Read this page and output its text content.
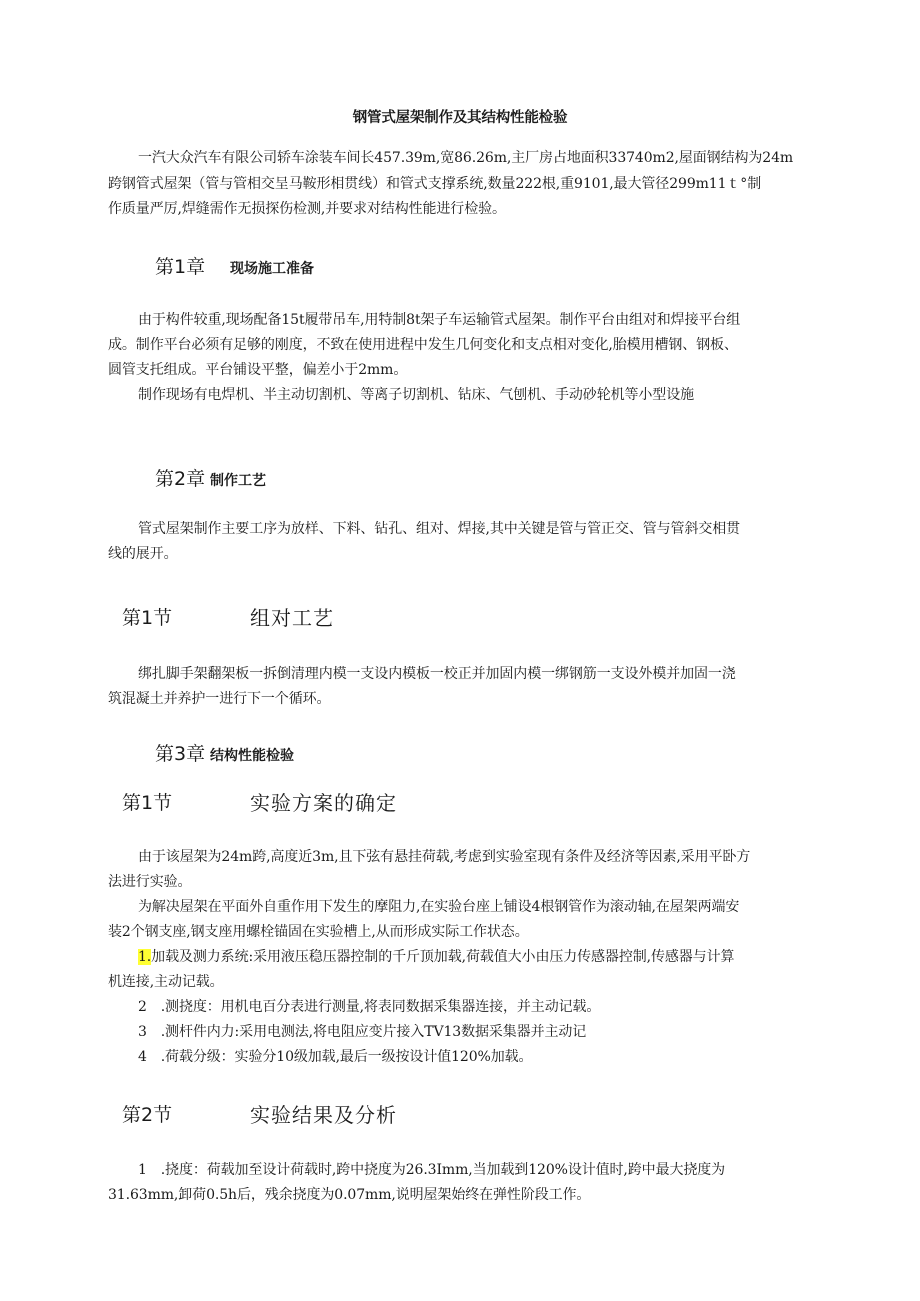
钢管式屋架制作及其结构性能检验
一汽大众汽车有限公司轿车涂装车间长457.39m,宽86.26m,主厂房占地面积33740m2,屋面钢结构为24m
跨钢管式屋架（管与管相交呈马鞍形相贯线）和管式支撑系统,数量222根,重9101,最大管径299m11ｔ°制
作质量严厉,焊缝需作无损探伤检测,并要求对结构性能进行检验。
第1章 现场施工准备
由于构件较重,现场配备15t履带吊车,用特制8t架子车运输管式屋架。制作平台由组对和焊接平台组
成。制作平台必须有足够的刚度，不致在使用进程中发生几何变化和支点相对变化,胎模用槽钢、钢板、
圆管支托组成。平台铺设平整，偏差小于2mm。
制作现场有电焊机、半主动切割机、等离子切割机、钻床、气刨机、手动砂轮机等小型设施
第2章 制作工艺
管式屋架制作主要工序为放样、下料、钻孔、组对、焊接,其中关键是管与管正交、管与管斜交相贯
线的展开。
第1节	组对工艺
绑扎脚手架翻架板一拆倒清理内模一支设内模板一校正并加固内模一绑钢筋一支设外模并加固一浇
筑混凝土并养护一进行下一个循环。
第3章 结构性能检验
第1节	实验方案的确定
由于该屋架为24m跨,高度近3m,且下弦有悬挂荷载,考虑到实验室现有条件及经济等因素,采用平卧方
法进行实验。
为解决屋架在平面外自重作用下发生的摩阻力,在实验台座上铺设4根钢管作为滚动轴,在屋架两端安
装2个钢支座,钢支座用螺栓锚固在实验槽上,从而形成实际工作状态。
1.加载及测力系统:采用液压稳压器控制的千斤顶加载,荷载值大小由压力传感器控制,传感器与计算
机连接,主动记载。
2　.测挠度：用机电百分表进行测量,将表同数据采集器连接，并主动记载。
3　.测杆件内力:采用电测法,将电阻应变片接入TV13数据采集器并主动记
4　.荷载分级：实验分10级加载,最后一级按设计值120%加载。
第2节	实验结果及分析
1　.挠度：荷载加至设计荷载时,跨中挠度为26.3Imm,当加载到120%设计值时,跨中最大挠度为
31.63mm,卸荷0.5h后，残余挠度为0.07mm,说明屋架始终在弹性阶段工作。
